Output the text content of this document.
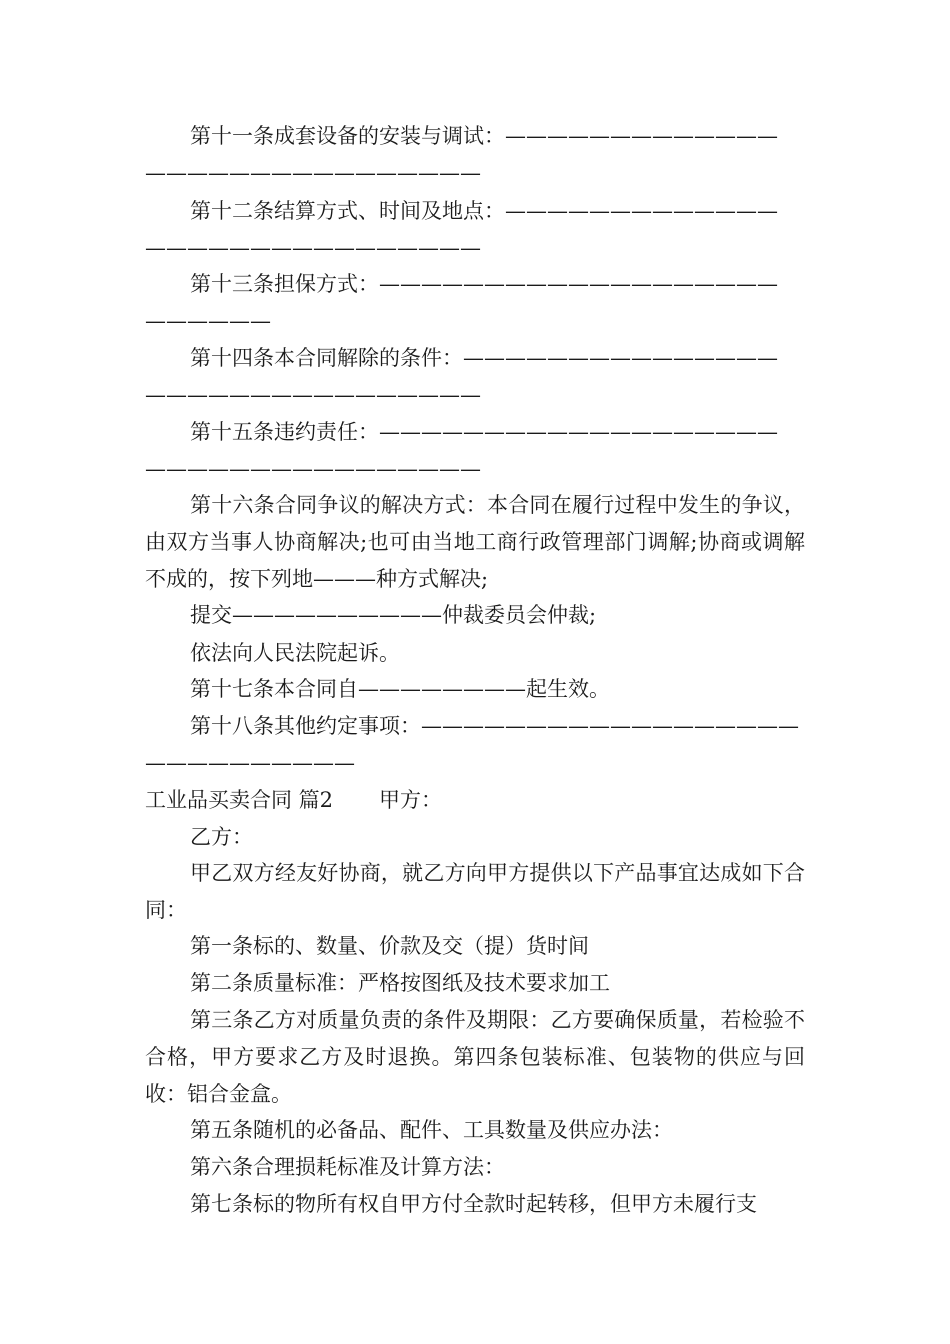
第十一条成套设备的安装与调试：—————————————
————————————————
第十二条结算方式、时间及地点：—————————————
————————————————
第十三条担保方式：———————————————————
——————
第十四条本合同解除的条件：———————————————
————————————————
第十五条违约责任：———————————————————
————————————————

第十六条合同争议的解决方式：本合同在履行过程中发生的争议，由双方当事人协商解决;也可由当地工商行政管理部门调解;协商或调解不成的，按下列地———种方式解决;

提交——————————仲裁委员会仲裁;

依法向人民法院起诉。

第十七条本合同自————————起生效。

第十八条其他约定事项：——————————————————
——————————
工业品买卖合同 篇2 甲方：

乙方：

甲乙双方经友好协商，就乙方向甲方提供以下产品事宜达成如下合同：

第一条标的、数量、价款及交（提）货时间

第二条质量标准：严格按图纸及技术要求加工

第三条乙方对质量负责的条件及期限：乙方要确保质量，若检验不合格，甲方要求乙方及时退换。第四条包装标准、包装物的供应与回收：铝合金盒。

第五条随机的必备品、配件、工具数量及供应办法：

第六条合理损耗标准及计算方法：

第七条标的物所有权自甲方付全款时起转移，但甲方未履行支
